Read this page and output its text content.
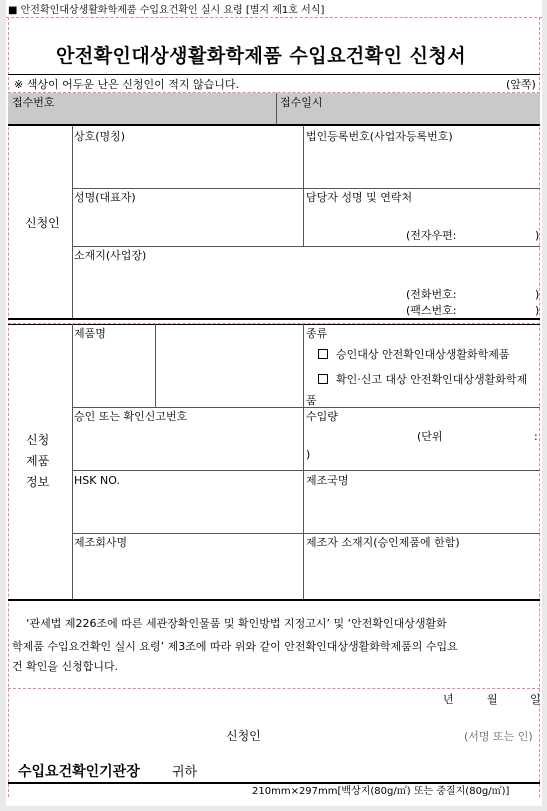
■ 안전확인대상생활화학제품 수입요건확인 실시 요령 [별지 제1호 서식]
안전확인대상생활화학제품 수입요건확인 신청서
※ 색상이 어두운 난은 신청인이 적지 않습니다.	(앞쪽)
접수번호	접수일시
신청인
상호(명칭)	법인등록번호(사업자등록번호)
성명(대표자)	담당자 성명 및 연락처
(전자우편:	)
소재지(사업장)
(전화번호:	)
(팩스번호:	)
신청
제품
정보
제품명	종류
승인대상 안전확인대상생활화학제품
확인·신고 대상 안전확인대상생활화학제
품
승인 또는 확인신고번호	수입량
(단위	:
)
HSK NO.	제조국명
제조회사명	제조자 소재지(승인제품에 한함)
‘관세법 제226조에 따른 세관장확인물품 및 확인방법 지정고시’ 및 ‘안전확인대상생활화
학제품 수입요건확인 실시 요령’ 제3조에 따라 위와 같이 안전확인대상생활화학제품의 수입요
건 확인을 신청합니다.
년	월	일
신청인	(서명 또는 인)
수입요건확인기관장 귀하
210mm×297mm[백상지(80g/㎡) 또는 중질지(80g/㎡)]
